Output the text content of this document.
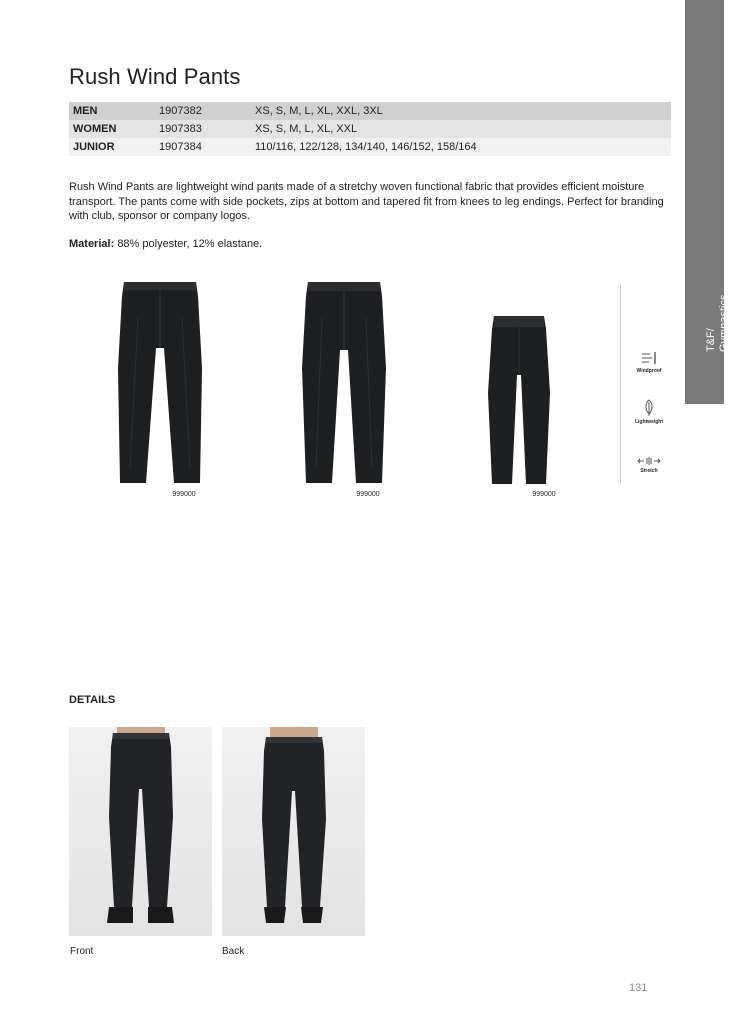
T&F/ Gymnastics
Rush Wind Pants
MEN	1907382	XS, S, M, L, XL, XXL, 3XL
WOMEN	1907383	XS, S, M, L, XL, XXL
JUNIOR	1907384	110/116, 122/128, 134/140, 146/152, 158/164

Rush Wind Pants are lightweight wind pants made of a stretchy woven functional fabric that provides efficient moisture transport. The pants come with side pockets, zips at bottom and tapered fit from knees to leg endings. Perfect for branding with club, sponsor or company logos.

Material: 88% polyester, 12% elastane.
999000	999000	999000
Windproof
Lightweight
Stretch
DETAILS
Front	Back
131
